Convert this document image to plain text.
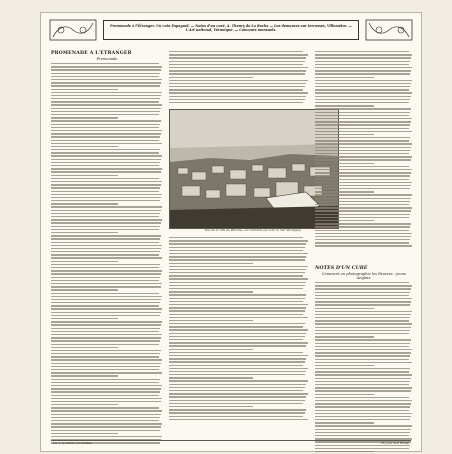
Promenade à l'Étranger. Un coin Espagnol. — Notes d'un curé. A. Theury de La Roche — Les demeures sur terrasses, Villemétre. — L'Art national, Vérunique. — Concours mensuels.
PROMENADE A L'ÉTRANGER
Promenade
Vue de la ville de Panama, en Colombie (au loin, la mer Pacifique)
NOTES D'UN CURÉ
Comment on photographie les Pauvres : jeune Anglais.
Vol. 5, le numéro 10 centimes	Ph. pour de P. Brunel
